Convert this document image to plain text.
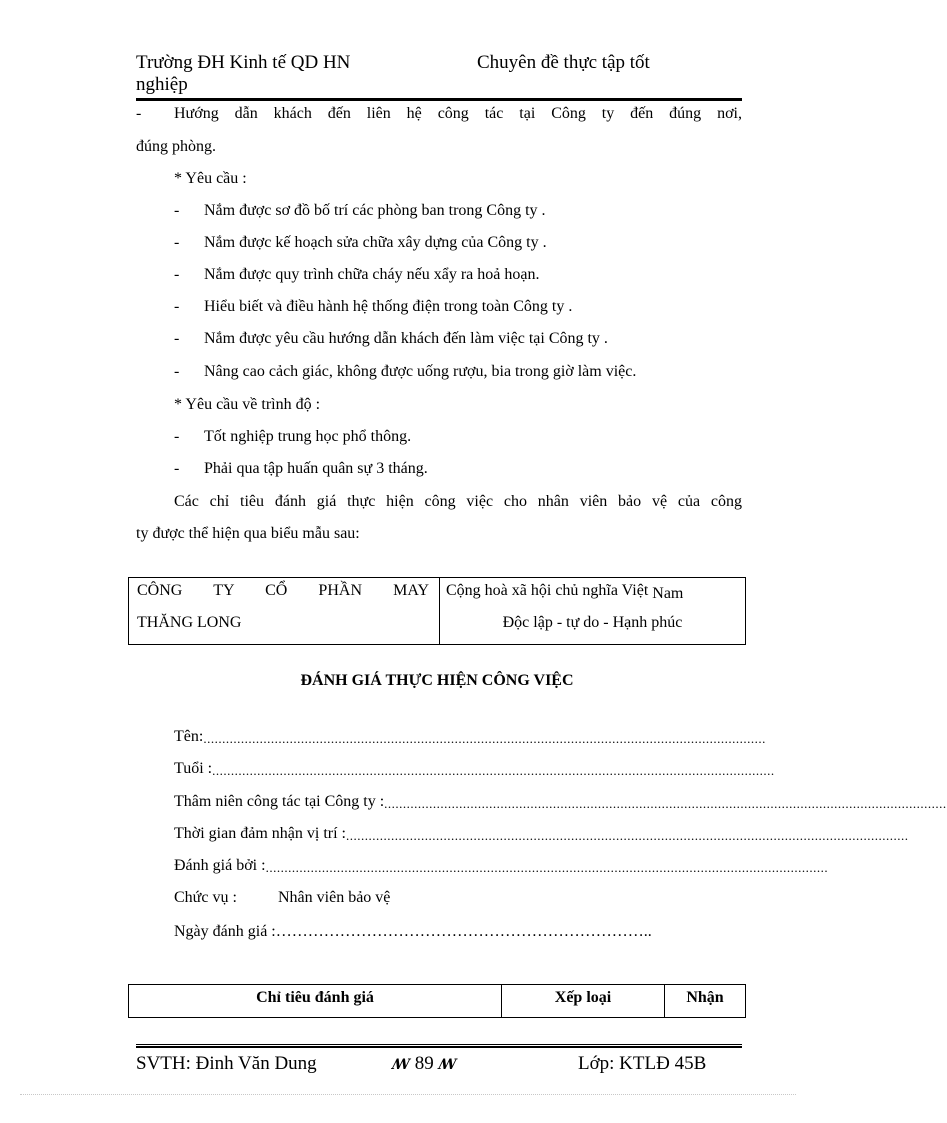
Trường ĐH Kinh tế QD HN	Chuyên đề thực tập tốt
nghiệp
- Hướng dẫn khách đến liên hệ công tác tại Công ty đến đúng nơi,
đúng phòng.
* Yêu cầu :
- Nắm được sơ đồ bố trí các phòng ban trong Công ty .
- Nắm được kế hoạch sửa chữa xây dựng của Công ty .
- Nắm được quy trình chữa cháy nếu xẩy ra hoả hoạn.
- Hiểu biết và điều hành hệ thống điện trong toàn Công ty .
- Nắm được yêu cầu hướng dẫn khách đến làm việc tại Công ty .
- Nâng cao cảch giác, không được uống rượu, bia trong giờ làm việc.
* Yêu cầu về trình độ :
- Tốt nghiệp trung học phổ thông.
- Phải qua tập huấn quân sự 3 tháng.
Các chỉ tiêu đánh giá thực hiện công việc cho nhân viên bảo vệ của công
ty được thể hiện qua biểu mẫu sau:
CÔNG TY CỔ PHẦN MAY
THĂNG LONG
Cộng hoà xã hội chủ nghĩa Việt Nam
Độc lập - tự do - Hạnh phúc
ĐÁNH GIÁ THỰC HIỆN CÔNG VIỆC
Tên: ......................................................................................................................................................
Tuổi : ......................................................................................................................................................
Thâm niên công tác tại Công ty : ......................................................................................................................................................
Thời gian đảm nhận vị trí : ......................................................................................................................................................
Đánh giá bởi : ......................................................................................................................................................
Chức vụ :	Nhân viên bảo vệ
Ngày đánh giá : ……………………………………………………………..
Chỉ tiêu đánh giá	Xếp loại	Nhận
SVTH: Đinh Văn Dung	ꟿ 89 ꟿ	Lớp: KTLĐ 45B
